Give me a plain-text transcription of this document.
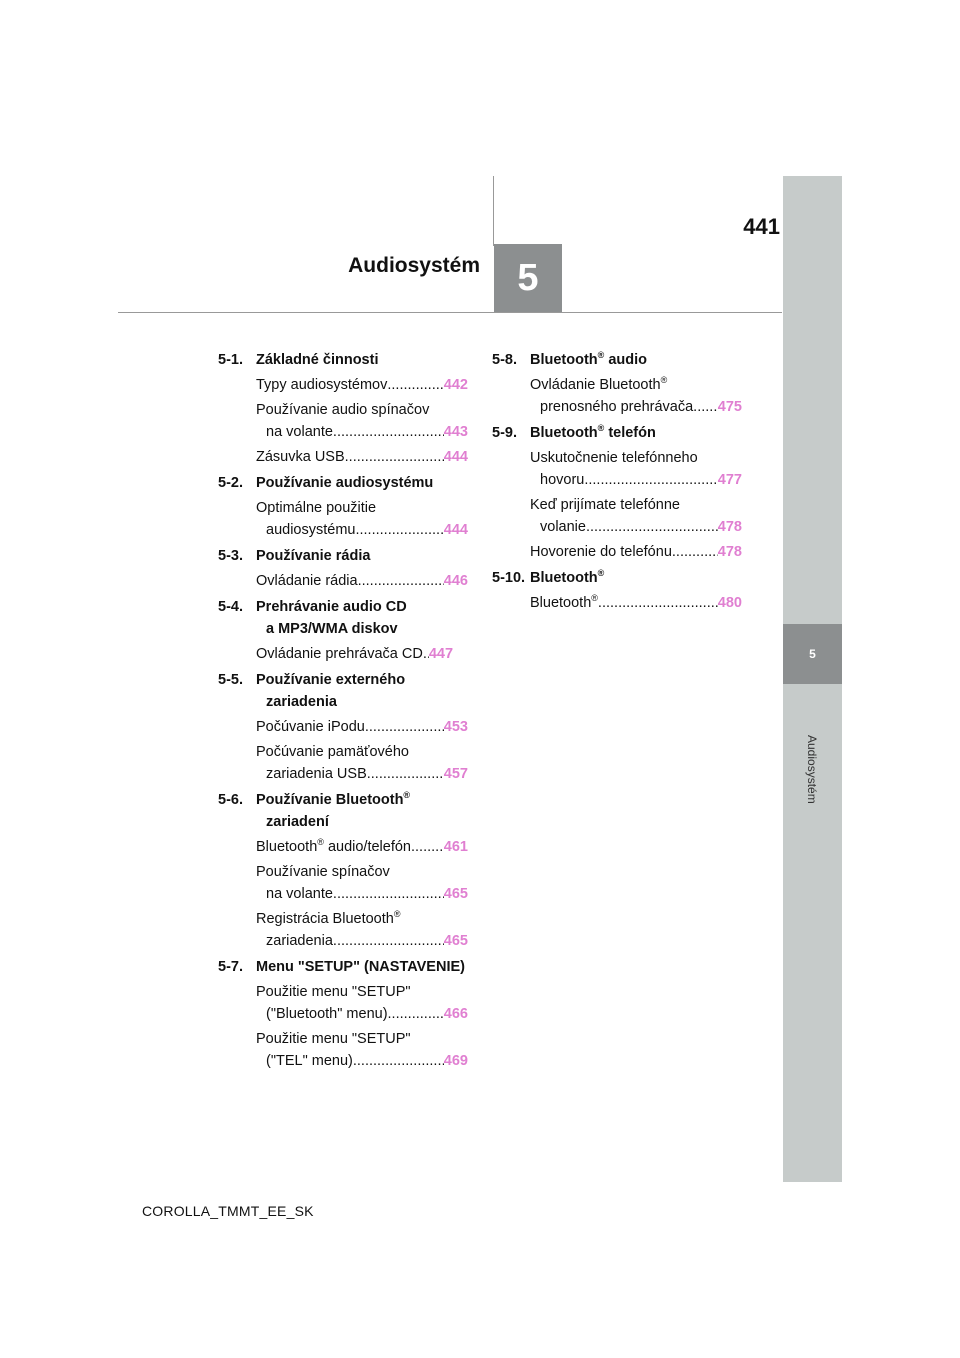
441
Audiosystém 5
5
Audiosystém
5-1. Základné činnosti
Typy audiosystémov .....	442
Používanie audio spínačov
na volante .....	443
Zásuvka USB .....	444
5-2. Používanie audiosystému
Optimálne použitie
audiosystému .....	444
5-3. Používanie rádia
Ovládanie rádia .....	446
5-4. Prehrávanie audio CD
a MP3/WMA diskov
Ovládanie prehrávača CD ..... 447
5-5. Používanie externého
zariadenia
Počúvanie iPodu .....	453
Počúvanie pamäťového
zariadenia USB .....	457
5-6. Používanie Bluetooth®
zariadení
Bluetooth® audio/telefón ..... 461
Používanie spínačov
na volante .....	465
Registrácia Bluetooth®
zariadenia .....	465
5-7. Menu "SETUP" (NASTAVENIE)
Použitie menu "SETUP"
("Bluetooth" menu) .....	466
Použitie menu "SETUP"
("TEL" menu) .....	469
5-8. Bluetooth® audio
Ovládanie Bluetooth®
prenosného prehrávača ..... 475
5-9. Bluetooth® telefón
Uskutočnenie telefónneho
hovoru .....	477
Keď prijímate telefónne
volanie .....	478
Hovorenie do telefónu .....	478
5-10. Bluetooth®
Bluetooth® .....	480
COROLLA_TMMT_EE_SK
